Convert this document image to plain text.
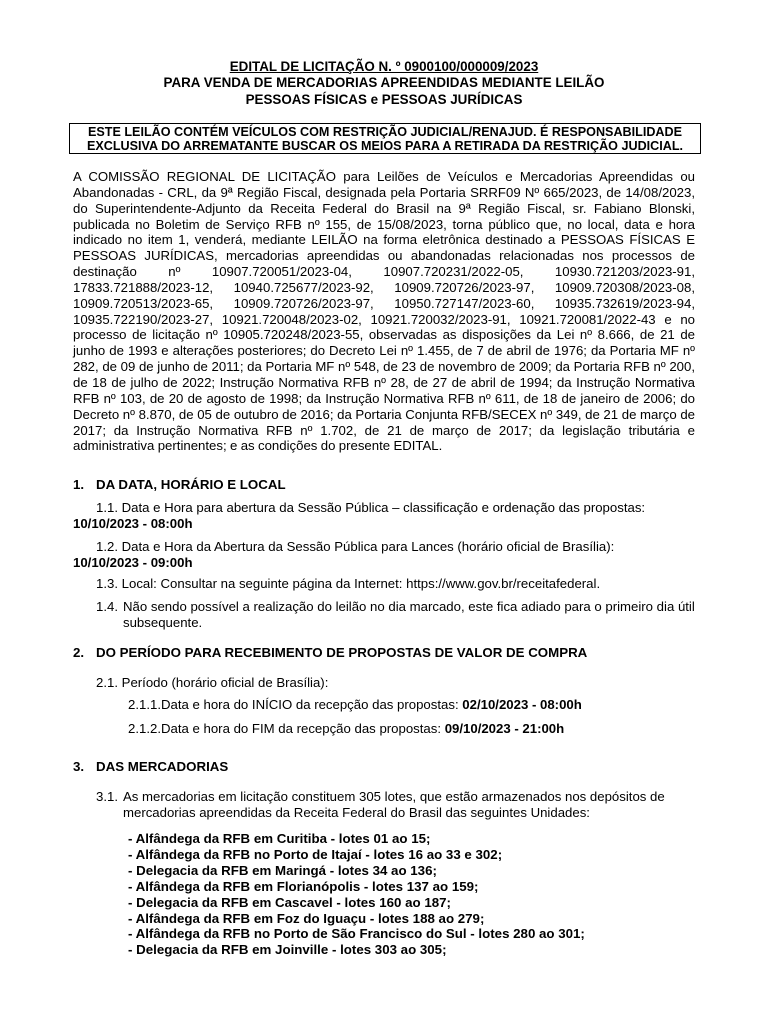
EDITAL DE LICITAÇÃO N. º 0900100/000009/2023
PARA VENDA DE MERCADORIAS APREENDIDAS MEDIANTE LEILÃO
PESSOAS FÍSICAS e PESSOAS JURÍDICAS
ESTE LEILÃO CONTÉM VEÍCULOS COM RESTRIÇÃO JUDICIAL/RENAJUD. É RESPONSABILIDADE
EXCLUSIVA DO ARREMATANTE BUSCAR OS MEIOS PARA A RETIRADA DA RESTRIÇÃO JUDICIAL.
A COMISSÃO REGIONAL DE LICITAÇÃO para Leilões de Veículos e Mercadorias Apreendidas ou Abandonadas - CRL, da 9ª Região Fiscal, designada pela Portaria SRRF09 Nº 665/2023, de 14/08/2023, do Superintendente-Adjunto da Receita Federal do Brasil na 9ª Região Fiscal, sr. Fabiano Blonski, publicada no Boletim de Serviço RFB nº 155, de 15/08/2023, torna público que, no local, data e hora indicado no item 1, venderá, mediante LEILÃO na forma eletrônica destinado a PESSOAS FÍSICAS E PESSOAS JURÍDICAS, mercadorias apreendidas ou abandonadas relacionadas nos processos de destinação nº 10907.720051/2023-04, 10907.720231/2022-05, 10930.721203/2023-91, 17833.721888/2023-12, 10940.725677/2023-92, 10909.720726/2023-97, 10909.720308/2023-08, 10909.720513/2023-65, 10909.720726/2023-97, 10950.727147/2023-60, 10935.732619/2023-94, 10935.722190/2023-27, 10921.720048/2023-02, 10921.720032/2023-91, 10921.720081/2022-43 e no processo de licitação nº 10905.720248/2023-55, observadas as disposições da Lei nº 8.666, de 21 de junho de 1993 e alterações posteriores; do Decreto Lei nº 1.455, de 7 de abril de 1976; da Portaria MF nº 282, de 09 de junho de 2011; da Portaria MF nº 548, de 23 de novembro de 2009; da Portaria RFB nº 200, de 18 de julho de 2022; Instrução Normativa RFB nº 28, de 27 de abril de 1994; da Instrução Normativa RFB nº 103, de 20 de agosto de 1998; da Instrução Normativa RFB nº 611, de 18 de janeiro de 2006; do Decreto nº 8.870, de 05 de outubro de 2016; da Portaria Conjunta RFB/SECEX nº 349, de 21 de março de 2017; da Instrução Normativa RFB nº 1.702, de 21 de março de 2017; da legislação tributária e administrativa pertinentes; e as condições do presente EDITAL.
1. DA DATA, HORÁRIO E LOCAL
1.1. Data e Hora para abertura da Sessão Pública – classificação e ordenação das propostas:
10/10/2023 - 08:00h
1.2. Data e Hora da Abertura da Sessão Pública para Lances (horário oficial de Brasília):
10/10/2023 - 09:00h
1.3. Local: Consultar na seguinte página da Internet: https://www.gov.br/receitafederal.
1.4. Não sendo possível a realização do leilão no dia marcado, este fica adiado para o primeiro dia útil subsequente.
2. DO PERÍODO PARA RECEBIMENTO DE PROPOSTAS DE VALOR DE COMPRA
2.1. Período (horário oficial de Brasília):
2.1.1.Data e hora do INÍCIO da recepção das propostas: 02/10/2023 - 08:00h
2.1.2.Data e hora do FIM da recepção das propostas: 09/10/2023 - 21:00h
3. DAS MERCADORIAS
3.1. As mercadorias em licitação constituem 305 lotes, que estão armazenados nos depósitos de mercadorias apreendidas da Receita Federal do Brasil das seguintes Unidades:
- Alfândega da RFB em Curitiba - lotes 01 ao 15;
- Alfândega da RFB no Porto de Itajaí - lotes 16 ao 33 e 302;
- Delegacia da RFB em Maringá - lotes 34 ao 136;
- Alfândega da RFB em Florianópolis - lotes 137 ao 159;
- Delegacia da RFB em Cascavel - lotes 160 ao 187;
- Alfândega da RFB em Foz do Iguaçu - lotes 188 ao 279;
- Alfândega da RFB no Porto de São Francisco do Sul - lotes 280 ao 301;
- Delegacia da RFB em Joinville - lotes 303 ao 305;
